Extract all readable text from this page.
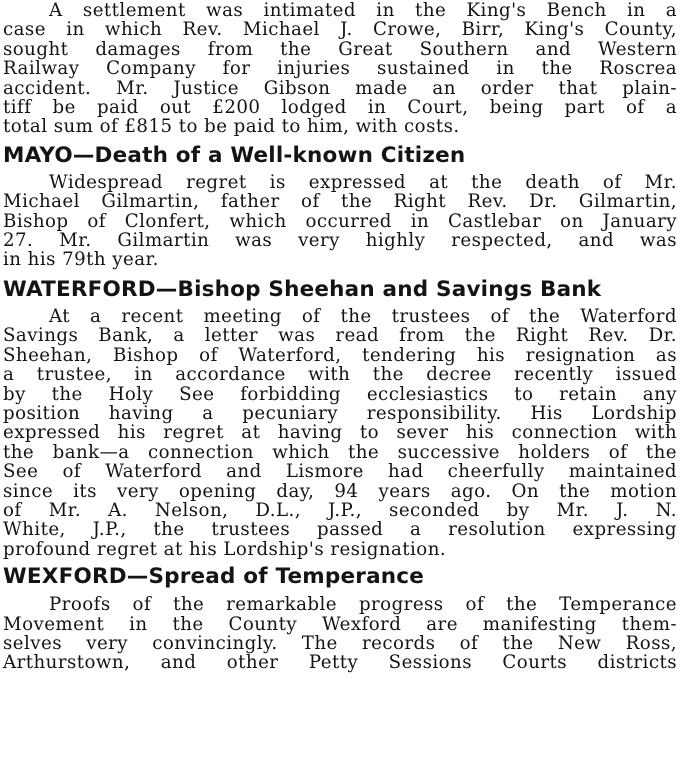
A settlement was intimated in the King's Bench in a
case in which Rev. Michael J. Crowe, Birr, King's County,
sought damages from the Great Southern and Western
Railway Company for injuries sustained in the Roscrea
accident. Mr. Justice Gibson made an order that plain-
tiff be paid out £200 lodged in Court, being part of a
total sum of £815 to be paid to him, with costs.

MAYO—Death of a Well-known Citizen

Widespread regret is expressed at the death of Mr.
Michael Gilmartin, father of the Right Rev. Dr. Gilmartin,
Bishop of Clonfert, which occurred in Castlebar on January
27. Mr. Gilmartin was very highly respected, and was
in his 79th year.

WATERFORD—Bishop Sheehan and Savings Bank

At a recent meeting of the trustees of the Waterford
Savings Bank, a letter was read from the Right Rev. Dr.
Sheehan, Bishop of Waterford, tendering his resignation as
a trustee, in accordance with the decree recently issued
by the Holy See forbidding ecclesiastics to retain any
position having a pecuniary responsibility. His Lordship
expressed his regret at having to sever his connection with
the bank—a connection which the successive holders of the
See of Waterford and Lismore had cheerfully maintained
since its very opening day, 94 years ago. On the motion
of Mr. A. Nelson, D.L., J.P., seconded by Mr. J. N.
White, J.P., the trustees passed a resolution expressing
profound regret at his Lordship's resignation.

WEXFORD—Spread of Temperance

Proofs of the remarkable progress of the Temperance
Movement in the County Wexford are manifesting them-
selves very convincingly. The records of the New Ross,
Arthurstown, and other Petty Sessions Courts districts
